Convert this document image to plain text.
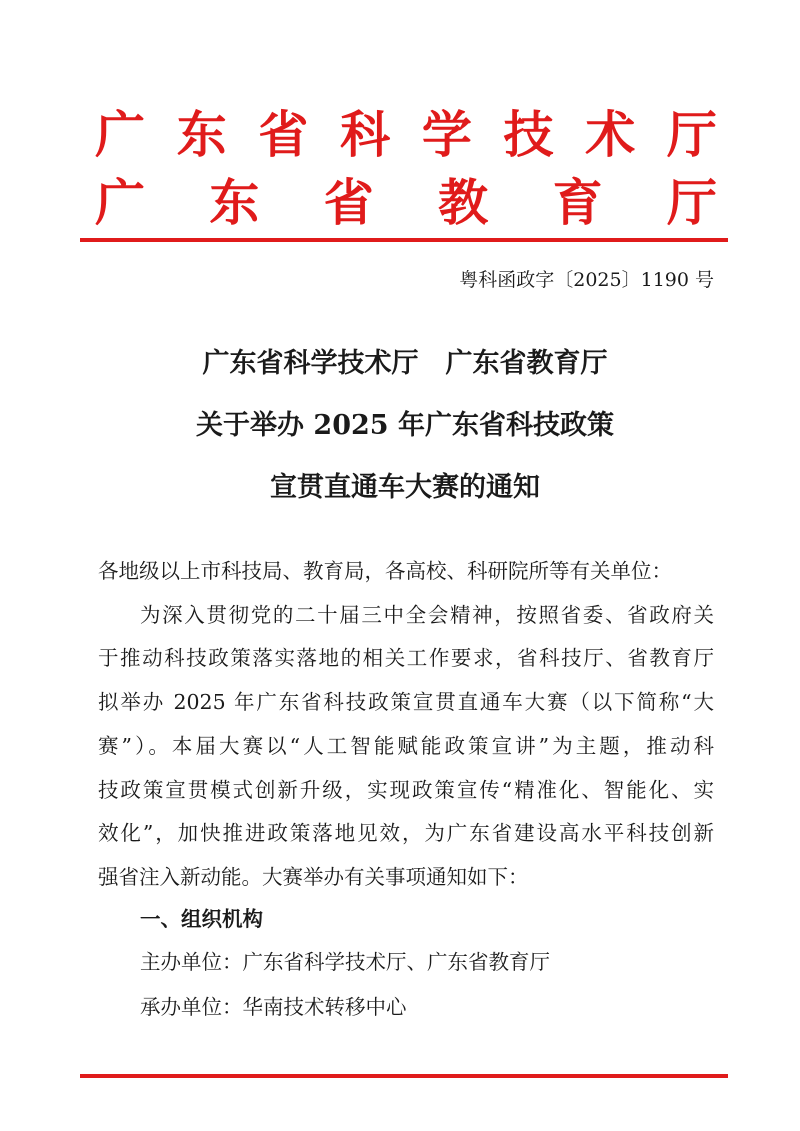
广 东 省 科 学 技 术 厅
广 东 省 教 育 厅
粤科函政字〔2025〕1190 号
广东省科学技术厅　广东省教育厅
关于举办 2025 年广东省科技政策
宣贯直通车大赛的通知
各地级以上市科技局、教育局，各高校、科研院所等有关单位：
为深入贯彻党的二十届三中全会精神，按照省委、省政府关
于推动科技政策落实落地的相关工作要求，省科技厅、省教育厅
拟举办 2025 年广东省科技政策宣贯直通车大赛（以下简称“大
赛”）。本届大赛以“人工智能赋能政策宣讲”为主题，推动科
技政策宣贯模式创新升级，实现政策宣传“精准化、智能化、实
效化”，加快推进政策落地见效，为广东省建设高水平科技创新
强省注入新动能。大赛举办有关事项通知如下：
一、组织机构
主办单位：广东省科学技术厅、广东省教育厅
承办单位：华南技术转移中心
